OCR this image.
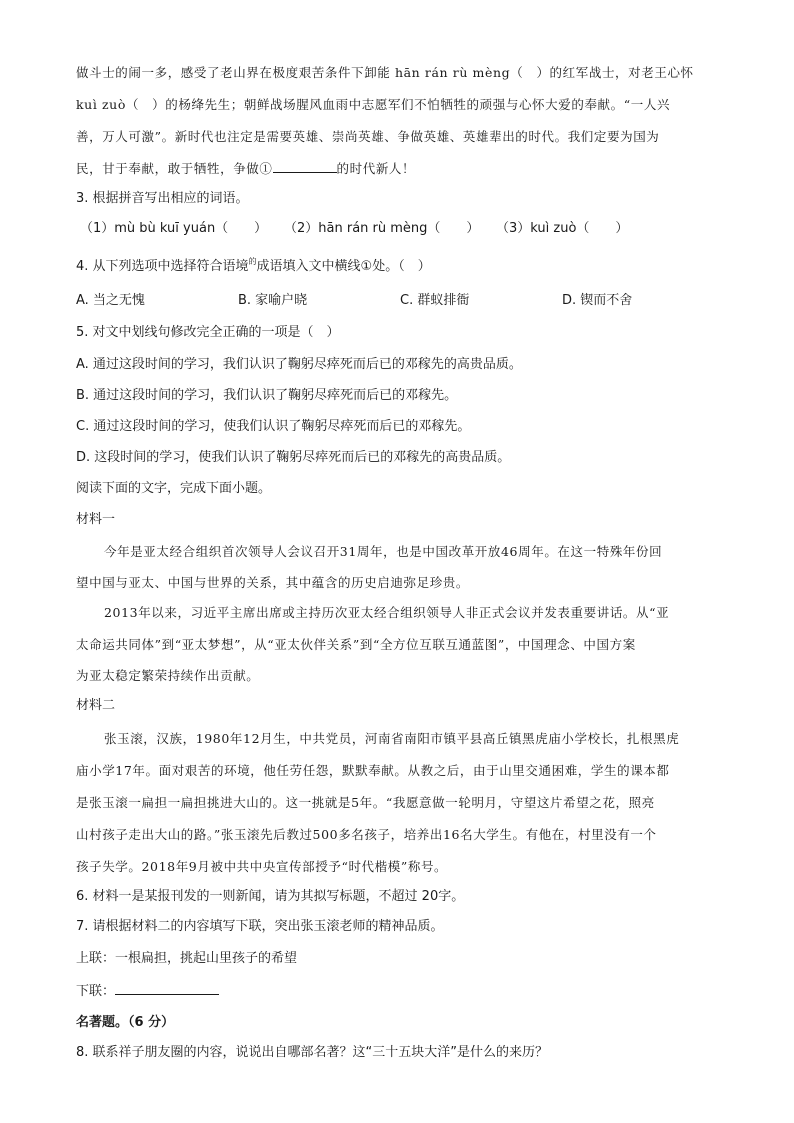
做斗士的闹一多，感受了老山界在极度艰苦条件下卸能 hān rán rù mèng（　）的红军战士，对老王心怀
kuì zuò（　）的杨绛先生；朝鲜战场腥风血雨中志愿军们不怕牺牲的顽强与心怀大爱的奉献。“一人兴
善，万人可激”。新时代也注定是需要英雄、崇尚英雄、争做英雄、英雄辈出的时代。我们定要为国为
民，甘于奉献，敢于牺牲，争做①	的时代新人！
3. 根据拼音写出相应的词语。
（1）mù bù kuī yuán（　　） （2）hān rán rù mèng（　　） （3）kuì zuò（　　）
4. 从下列选项中选择符合语境$^的$成语填入文中横线①处。（　）
A. 当之无愧	B. 家喻户晓	C. 群蚁排衙	D. 锲而不舍
5. 对文中划线句修改完全正确的一项是（　）
A. 通过这段时间的学习，我们认识了鞠躬尽瘁死而后已的邓稼先的高贵品质。
B. 通过这段时间的学习，我们认识了鞠躬尽瘁死而后已的邓稼先。
C. 通过这段时间的学习，使我们认识了鞠躬尽瘁死而后已的邓稼先。
D. 这段时间的学习，使我们认识了鞠躬尽瘁死而后已的邓稼先的高贵品质。
阅读下面的文字，完成下面小题。
材料一
今年是亚太经合组织首次领导人会议召开31周年，也是中国改革开放46周年。在这一特殊年份回
望中国与亚太、中国与世界的关系，其中蕴含的历史启迪弥足珍贵。
2013年以来，习近平主席出席或主持历次亚太经合组织领导人非正式会议并发表重要讲话。从“亚
太命运共同体”到“亚太梦想”，从“亚太伙伴关系”到“全方位互联互通蓝图”，中国理念、中国方案
为亚太稳定繁荣持续作出贡献。
材料二
张玉滚，汉族，1980年12月生，中共党员，河南省南阳市镇平县高丘镇黑虎庙小学校长，扎根黑虎
庙小学17年。面对艰苦的环境，他任劳任怨，默默奉献。从教之后，由于山里交通困难，学生的课本都
是张玉滚一扁担一扁担挑进大山的。这一挑就是5年。“我愿意做一轮明月，守望这片希望之花，照亮
山村孩子走出大山的路。”张玉滚先后教过500多名孩子，培养出16名大学生。有他在，村里没有一个
孩子失学。2018年9月被中共中央宣传部授予“时代楷模”称号。
6. 材料一是某报刊发的一则新闻，请为其拟写标题，不超过 20字。
7. 请根据材料二的内容填写下联，突出张玉滚老师的精神品质。
上联：一根扁担，挑起山里孩子的希望
下联：
名著题。（6 分）
8. 联系祥子朋友圈的内容，说说出自哪部名著？这“三十五块大洋”是什么的来历？
